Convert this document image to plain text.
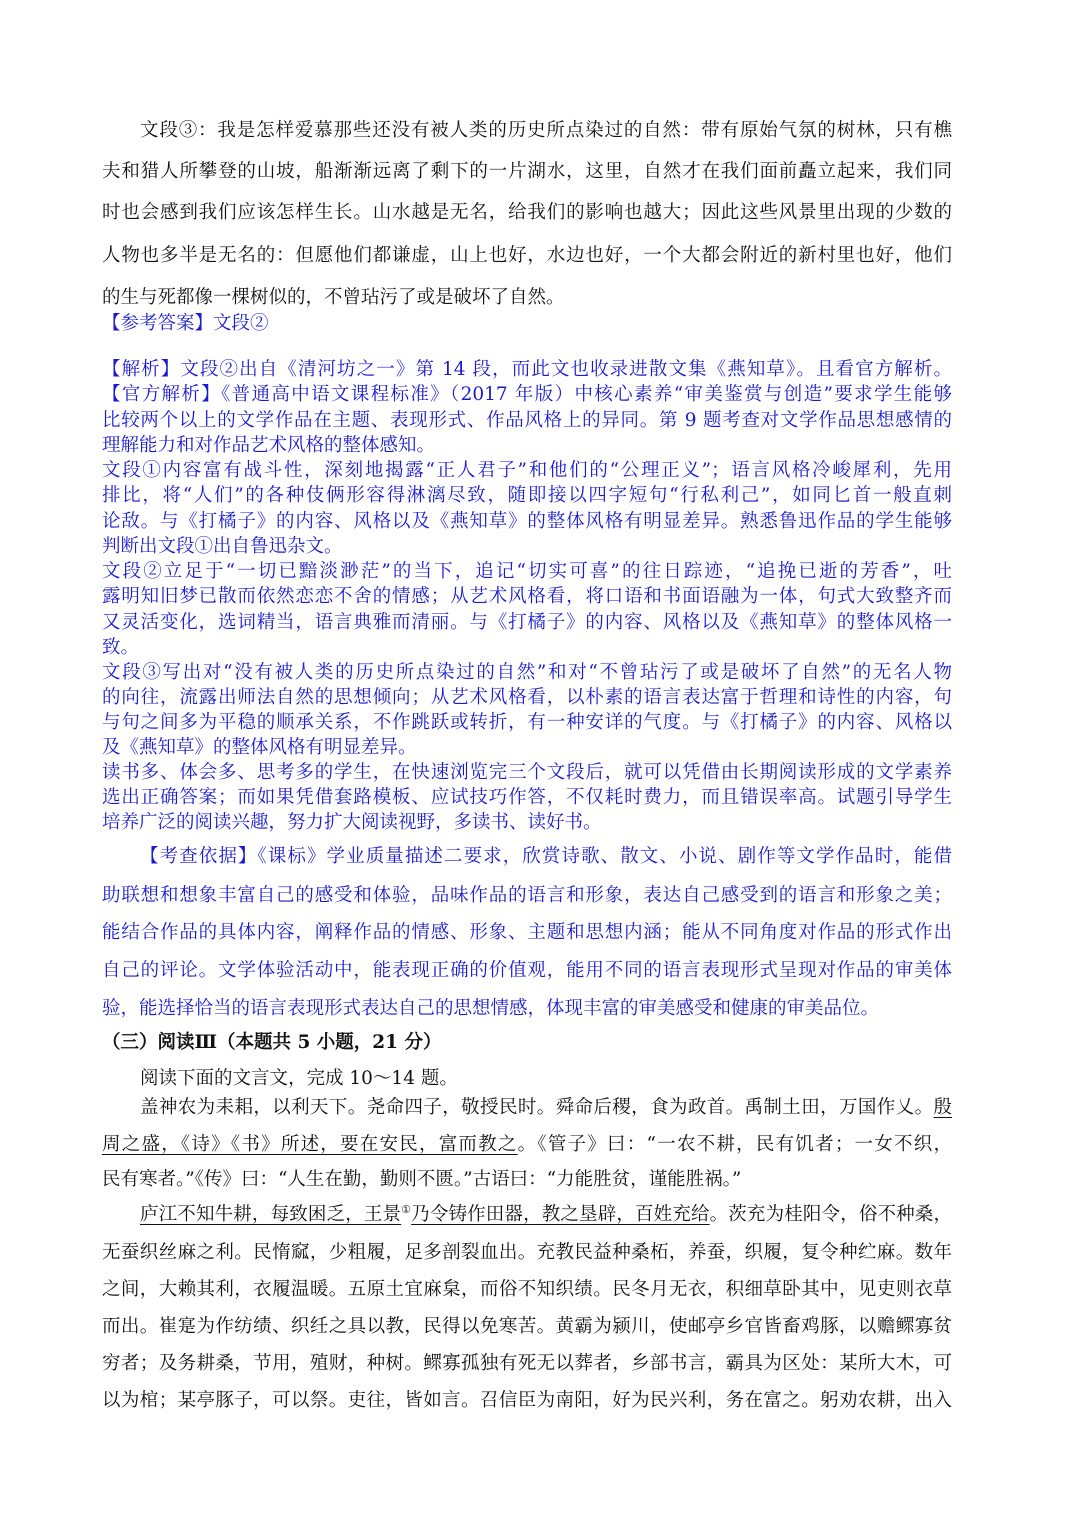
文段③：我是怎样爱慕那些还没有被人类的历史所点染过的自然：带有原始气氛的树林，只有樵
夫和猎人所攀登的山坡，船渐渐远离了剩下的一片湖水，这里，自然才在我们面前矗立起来，我们同
时也会感到我们应该怎样生长。山水越是无名，给我们的影响也越大；因此这些风景里出现的少数的
人物也多半是无名的：但愿他们都谦虚，山上也好，水边也好，一个大都会附近的新村里也好，他们
的生与死都像一棵树似的，不曾玷污了或是破坏了自然。
【参考答案】文段②
【解析】文段②出自《清河坊之一》第 14 段，而此文也收录进散文集《燕知草》。且看官方解析。
【官方解析】《普通高中语文课程标准》（2017 年版）中核心素养“审美鉴赏与创造”要求学生能够
比较两个以上的文学作品在主题、表现形式、作品风格上的异同。第 9 题考查对文学作品思想感情的
理解能力和对作品艺术风格的整体感知。
文段①内容富有战斗性，深刻地揭露“正人君子”和他们的“公理正义”；语言风格冷峻犀利，先用
排比，将“人们”的各种伎俩形容得淋漓尽致，随即接以四字短句“行私利己”，如同匕首一般直刺
论敌。与《打橘子》的内容、风格以及《燕知草》的整体风格有明显差异。熟悉鲁迅作品的学生能够
判断出文段①出自鲁迅杂文。
文段②立足于“一切已黯淡渺茫”的当下，追记“切实可喜”的往日踪迹，“追挽已逝的芳香”，吐
露明知旧梦已散而依然恋恋不舍的情感；从艺术风格看，将口语和书面语融为一体，句式大致整齐而
又灵活变化，选词精当，语言典雅而清丽。与《打橘子》的内容、风格以及《燕知草》的整体风格一
致。
文段③写出对“没有被人类的历史所点染过的自然”和对“不曾玷污了或是破坏了自然”的无名人物
的向往，流露出师法自然的思想倾向；从艺术风格看，以朴素的语言表达富于哲理和诗性的内容，句
与句之间多为平稳的顺承关系，不作跳跃或转折，有一种安详的气度。与《打橘子》的内容、风格以
及《燕知草》的整体风格有明显差异。
读书多、体会多、思考多的学生，在快速浏览完三个文段后，就可以凭借由长期阅读形成的文学素养
选出正确答案；而如果凭借套路模板、应试技巧作答，不仅耗时费力，而且错误率高。试题引导学生
培养广泛的阅读兴趣，努力扩大阅读视野，多读书、读好书。
【考查依据】《课标》学业质量描述二要求，欣赏诗歌、散文、小说、剧作等文学作品时，能借
助联想和想象丰富自己的感受和体验，品味作品的语言和形象，表达自己感受到的语言和形象之美；
能结合作品的具体内容，阐释作品的情感、形象、主题和思想内涵；能从不同角度对作品的形式作出
自己的评论。文学体验活动中，能表现正确的价值观，能用不同的语言表现形式呈现对作品的审美体
验，能选择恰当的语言表现形式表达自己的思想情感，体现丰富的审美感受和健康的审美品位。
（三）阅读Ⅲ（本题共 5 小题，21 分）
阅读下面的文言文，完成 10～14 题。
盖神农为耒耜，以利天下。尧命四子，敬授民时。舜命后稷，食为政首。禹制土田，万国作乂。殷
周之盛，《诗》《书》所述，要在安民，富而教之。《管子》曰：“一农不耕，民有饥者；一女不织，
民有寒者。”《传》曰：“人生在勤，勤则不匮。”古语曰：“力能胜贫，谨能胜祸。”
庐江不知牛耕，每致困乏，王景①乃令铸作田器，教之垦辟，百姓充给。茨充为桂阳令，俗不种桑，
无蚕织丝麻之利。民惰窳，少粗履，足多剖裂血出。充教民益种桑柘，养蚕，织履，复令种纻麻。数年
之间，大赖其利，衣履温暖。五原土宜麻枲，而俗不知织绩。民冬月无衣，积细草卧其中，见吏则衣草
而出。崔寔为作纺绩、织纴之具以教，民得以免寒苦。黄霸为颍川，使邮亭乡官皆畜鸡豚，以赡鳏寡贫
穷者；及务耕桑，节用，殖财，种树。鳏寡孤独有死无以葬者，乡部书言，霸具为区处：某所大木，可
以为棺；某亭豚子，可以祭。吏往，皆如言。召信臣为南阳，好为民兴利，务在富之。躬劝农耕，出入
